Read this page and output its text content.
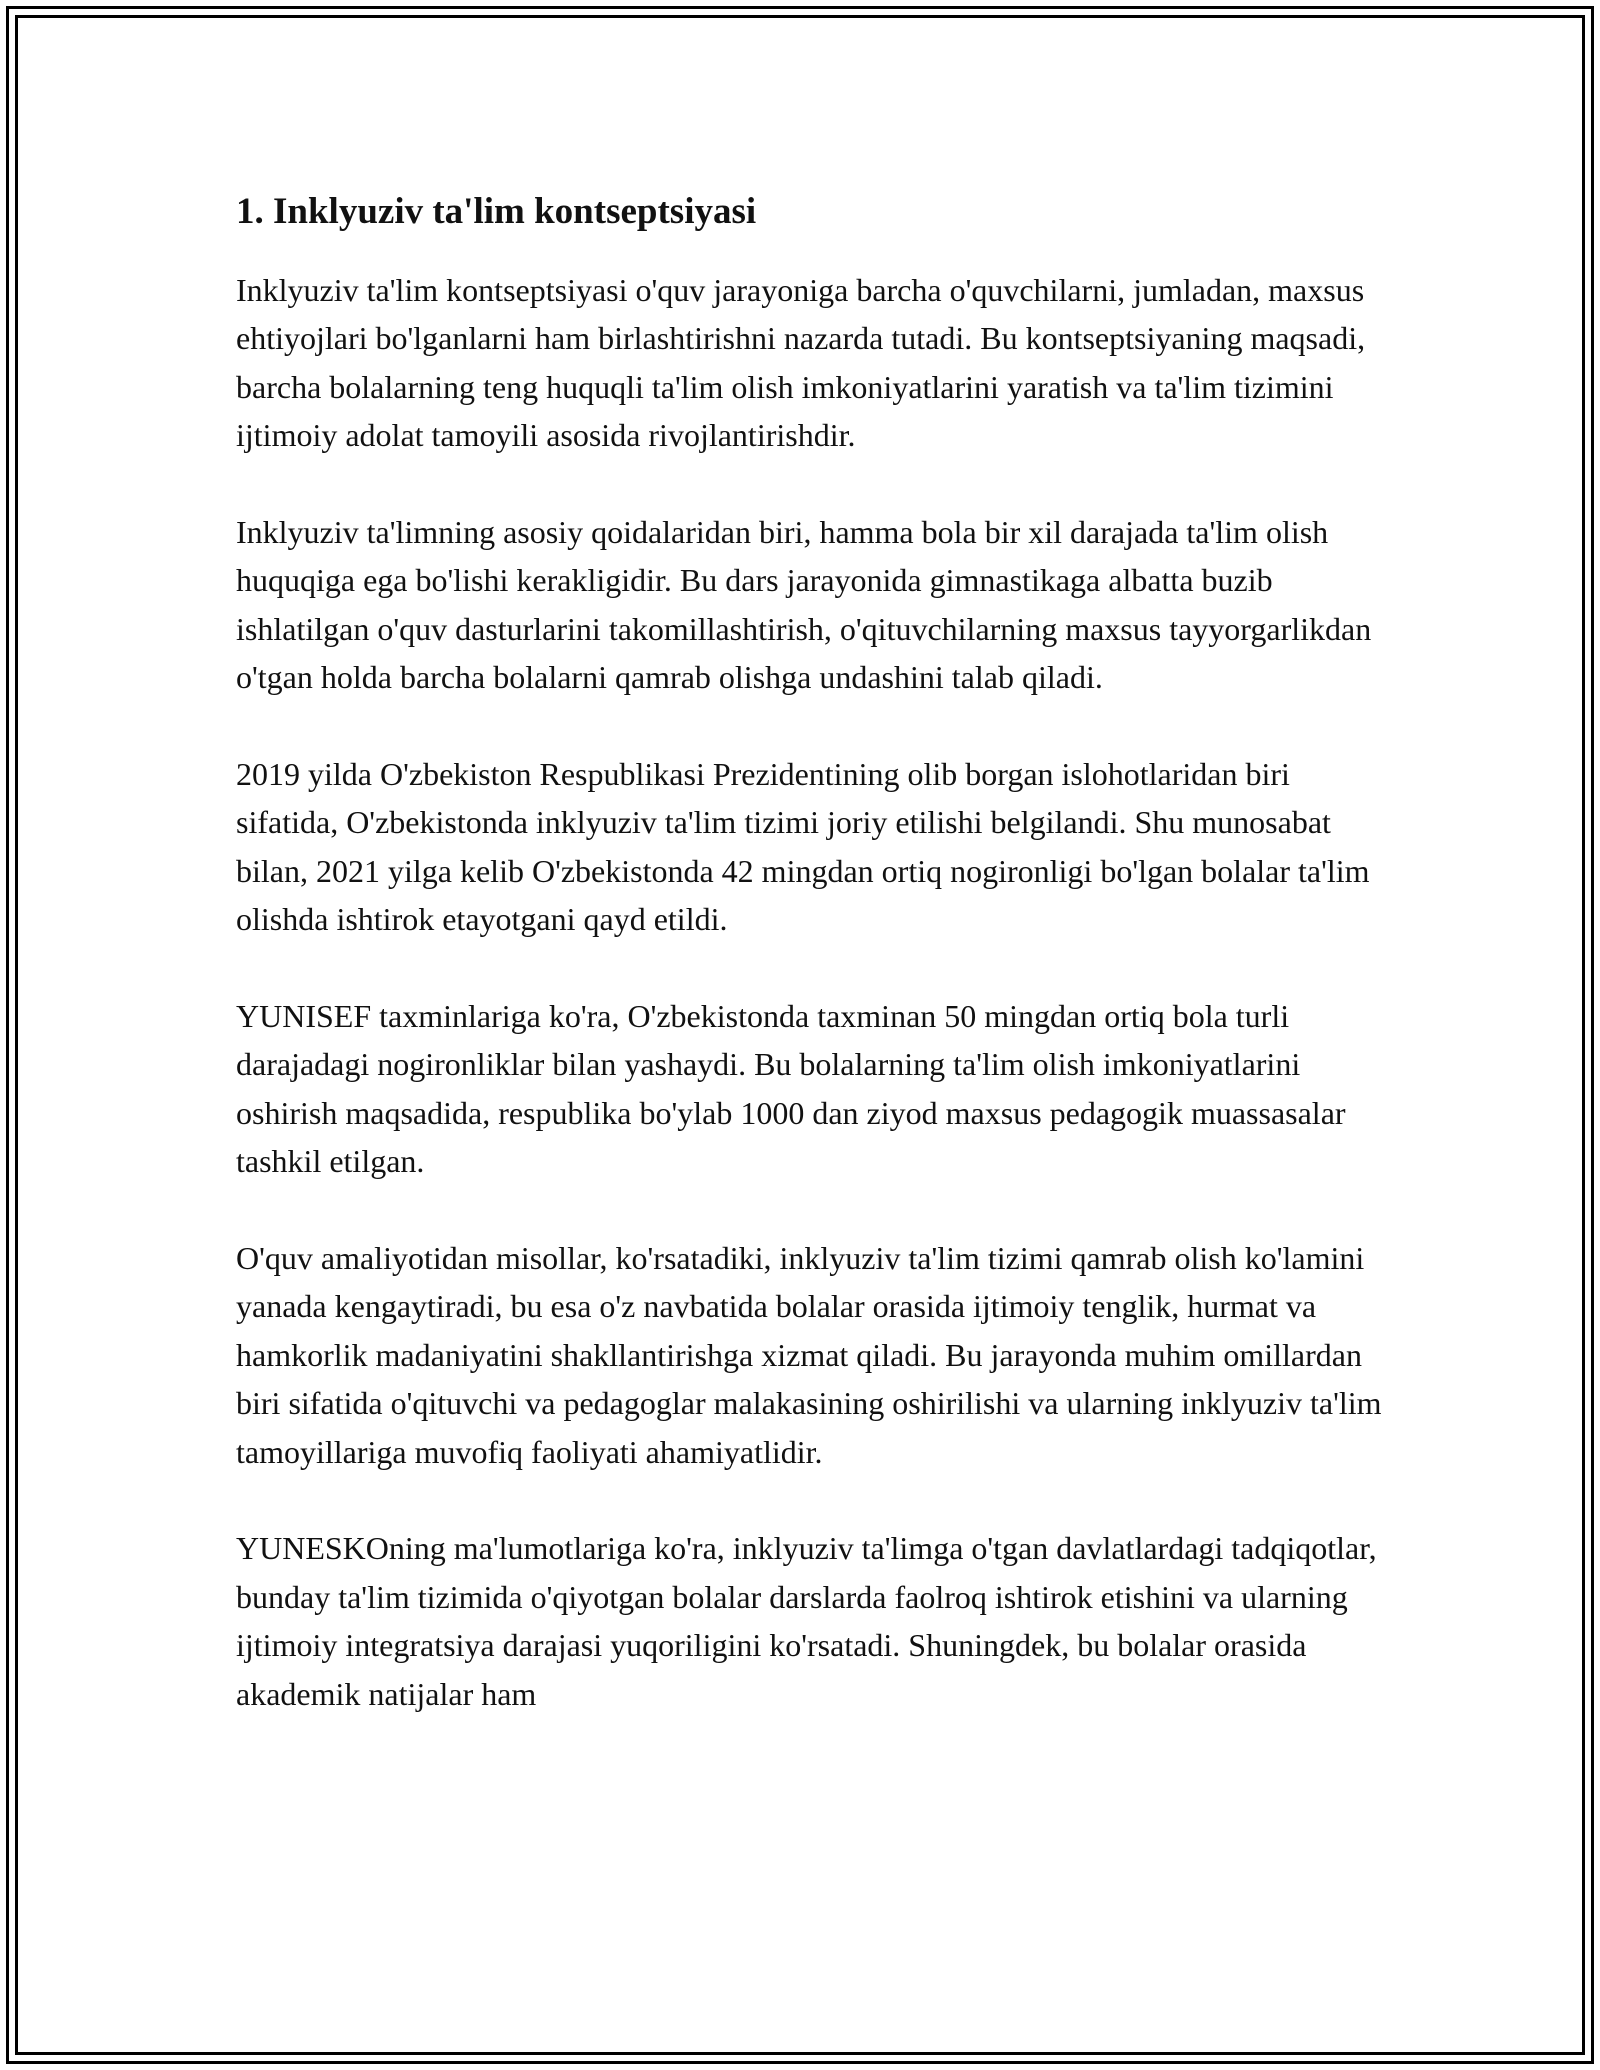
1. Inklyuziv ta'lim kontseptsiyasi

Inklyuziv ta'lim kontseptsiyasi o'quv jarayoniga barcha o'quvchilarni, jumladan, maxsus ehtiyojlari bo'lganlarni ham birlashtirishni nazarda tutadi. Bu kontseptsiyaning maqsadi, barcha bolalarning teng huquqli ta'lim olish imkoniyatlarini yaratish va ta'lim tizimini ijtimoiy adolat tamoyili asosida rivojlantirishdir.

Inklyuziv ta'limning asosiy qoidalaridan biri, hamma bola bir xil darajada ta'lim olish huquqiga ega bo'lishi kerakligidir. Bu dars jarayonida gimnastikaga albatta buzib ishlatilgan o'quv dasturlarini takomillashtirish, o'qituvchilarning maxsus tayyorgarlikdan o'tgan holda barcha bolalarni qamrab olishga undashini talab qiladi.

2019 yilda O'zbekiston Respublikasi Prezidentining olib borgan islohotlaridan biri sifatida, O'zbekistonda inklyuziv ta'lim tizimi joriy etilishi belgilandi. Shu munosabat bilan, 2021 yilga kelib O'zbekistonda 42 mingdan ortiq nogironligi bo'lgan bolalar ta'lim olishda ishtirok etayotgani qayd etildi.

YUNISEF taxminlariga ko'ra, O'zbekistonda taxminan 50 mingdan ortiq bola turli darajadagi nogironliklar bilan yashaydi. Bu bolalarning ta'lim olish imkoniyatlarini oshirish maqsadida, respublika bo'ylab 1000 dan ziyod maxsus pedagogik muassasalar tashkil etilgan.

O'quv amaliyotidan misollar, ko'rsatadiki, inklyuziv ta'lim tizimi qamrab olish ko'lamini yanada kengaytiradi, bu esa o'z navbatida bolalar orasida ijtimoiy tenglik, hurmat va hamkorlik madaniyatini shakllantirishga xizmat qiladi. Bu jarayonda muhim omillardan biri sifatida o'qituvchi va pedagoglar malakasining oshirilishi va ularning inklyuziv ta'lim tamoyillariga muvofiq faoliyati ahamiyatlidir.

YUNESKOning ma'lumotlariga ko'ra, inklyuziv ta'limga o'tgan davlatlardagi tadqiqotlar, bunday ta'lim tizimida o'qiyotgan bolalar darslarda faolroq ishtirok etishini va ularning ijtimoiy integratsiya darajasi yuqoriligini ko'rsatadi. Shuningdek, bu bolalar orasida akademik natijalar ham
